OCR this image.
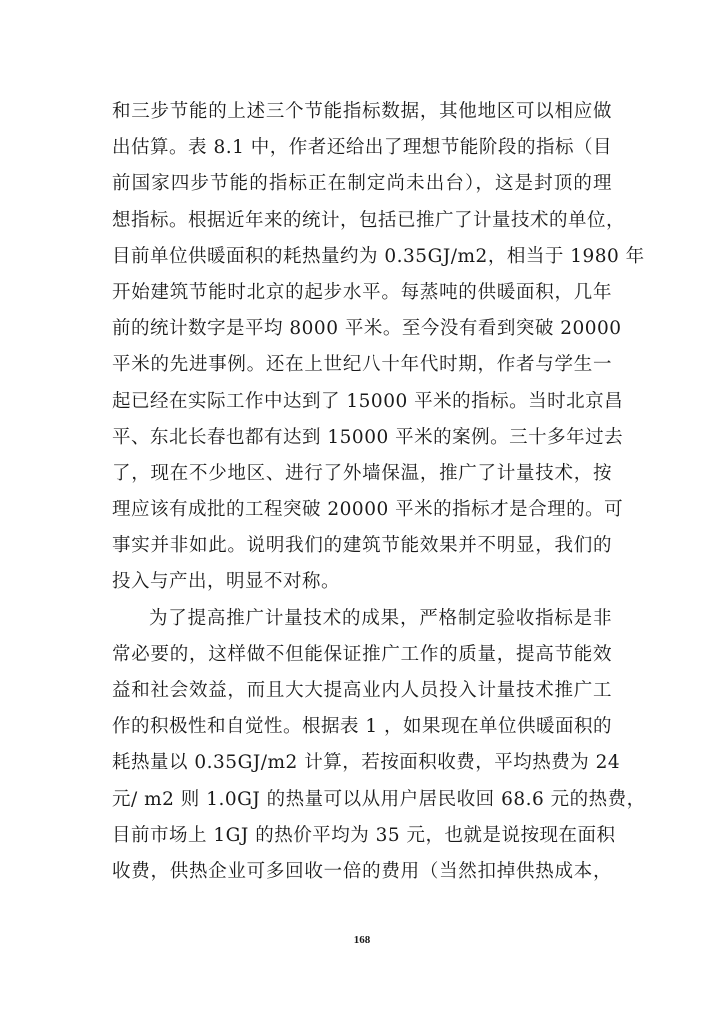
和三步节能的上述三个节能指标数据，其他地区可以相应做
出估算。表 8.1 中，作者还给出了理想节能阶段的指标（目
前国家四步节能的指标正在制定尚未出台），这是封顶的理
想指标。根据近年来的统计，包括已推广了计量技术的单位，
目前单位供暖面积的耗热量约为 0.35GJ/m2，相当于 1980 年
开始建筑节能时北京的起步水平。每蒸吨的供暖面积，几年
前的统计数字是平均 8000 平米。至今没有看到突破 20000
平米的先进事例。还在上世纪八十年代时期，作者与学生一
起已经在实际工作中达到了 15000 平米的指标。当时北京昌
平、东北长春也都有达到 15000 平米的案例。三十多年过去
了，现在不少地区、进行了外墙保温，推广了计量技术，按
理应该有成批的工程突破 20000 平米的指标才是合理的。可
事实并非如此。说明我们的建筑节能效果并不明显，我们的
投入与产出，明显不对称。
为了提高推广计量技术的成果，严格制定验收指标是非
常必要的，这样做不但能保证推广工作的质量，提高节能效
益和社会效益，而且大大提高业内人员投入计量技术推广工
作的积极性和自觉性。根据表 1 ，如果现在单位供暖面积的
耗热量以 0.35GJ/m2 计算，若按面积收费，平均热费为 24
元/ m2 则 1.0GJ 的热量可以从用户居民收回 68.6 元的热费，
目前市场上 1GJ 的热价平均为 35 元，也就是说按现在面积
收费，供热企业可多回收一倍的费用（当然扣掉供热成本，
168
